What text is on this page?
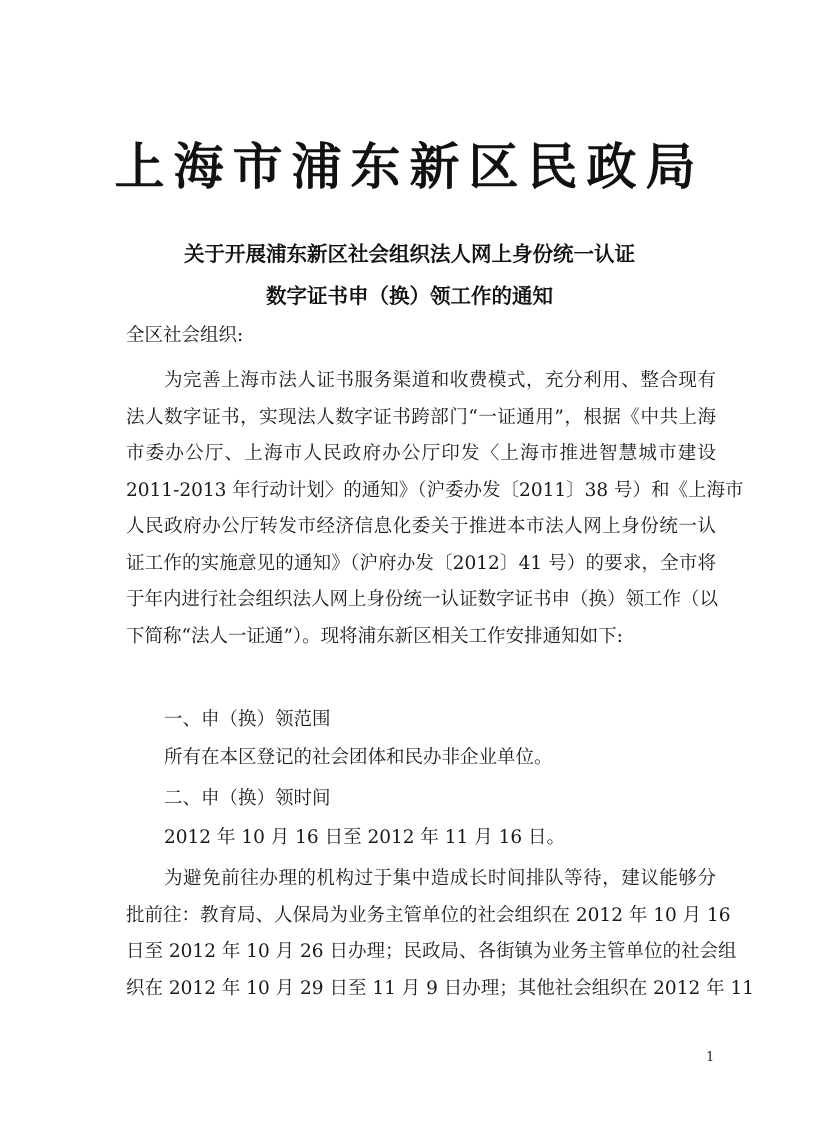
上海市浦东新区民政局
关于开展浦东新区社会组织法人网上身份统一认证
数字证书申（换）领工作的通知
全区社会组织:
为完善上海市法人证书服务渠道和收费模式，充分利用、整合现有
法人数字证书，实现法人数字证书跨部门“一证通用”，根据《中共上海
市委办公厅、上海市人民政府办公厅印发〈上海市推进智慧城市建设
2011-2013 年行动计划〉的通知》（沪委办发〔2011〕38 号）和《上海市
人民政府办公厅转发市经济信息化委关于推进本市法人网上身份统一认
证工作的实施意见的通知》（沪府办发〔2012〕41 号）的要求，全市将
于年内进行社会组织法人网上身份统一认证数字证书申（换）领工作（以
下简称“法人一证通”）。现将浦东新区相关工作安排通知如下:
一、申（换）领范围
所有在本区登记的社会团体和民办非企业单位。
二、申（换）领时间
2012 年 10 月 16 日至 2012 年 11 月 16 日。
为避免前往办理的机构过于集中造成长时间排队等待，建议能够分
批前往：教育局、人保局为业务主管单位的社会组织在 2012 年 10 月 16
日至 2012 年 10 月 26 日办理；民政局、各街镇为业务主管单位的社会组
织在 2012 年 10 月 29 日至 11 月 9 日办理；其他社会组织在 2012 年 11
1
